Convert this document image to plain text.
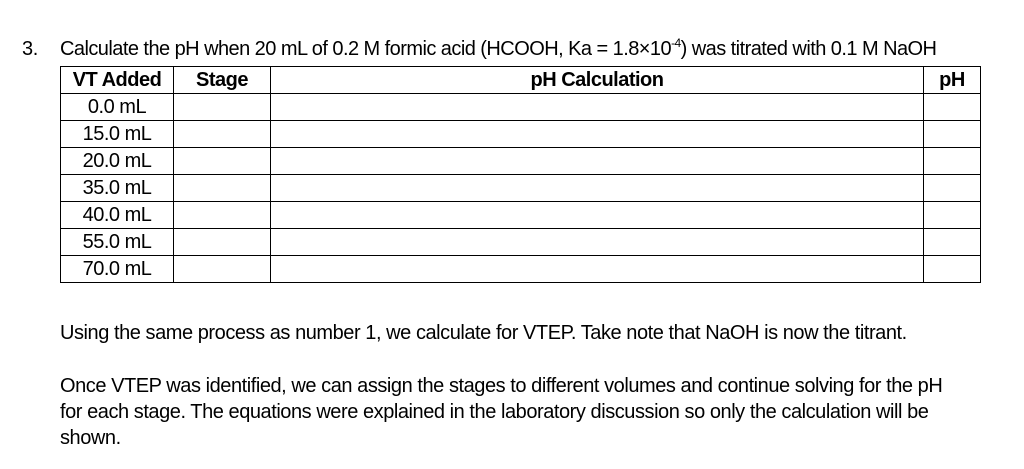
3. Calculate the pH when 20 mL of 0.2 M formic acid (HCOOH, $Ka = 1.8\times 10^{-4}$) was titrated with 0.1 M NaOH
VT Added	Stage	pH Calculation	pH
0.0 mL			
15.0 mL			
20.0 mL			
35.0 mL			
40.0 mL			
55.0 mL			
70.0 mL			

Using the same process as number 1, we calculate for VTEP. Take note that NaOH is now the titrant.

Once VTEP was identified, we can assign the stages to different volumes and continue solving for the pH for each stage. The equations were explained in the laboratory discussion so only the calculation will be shown.
